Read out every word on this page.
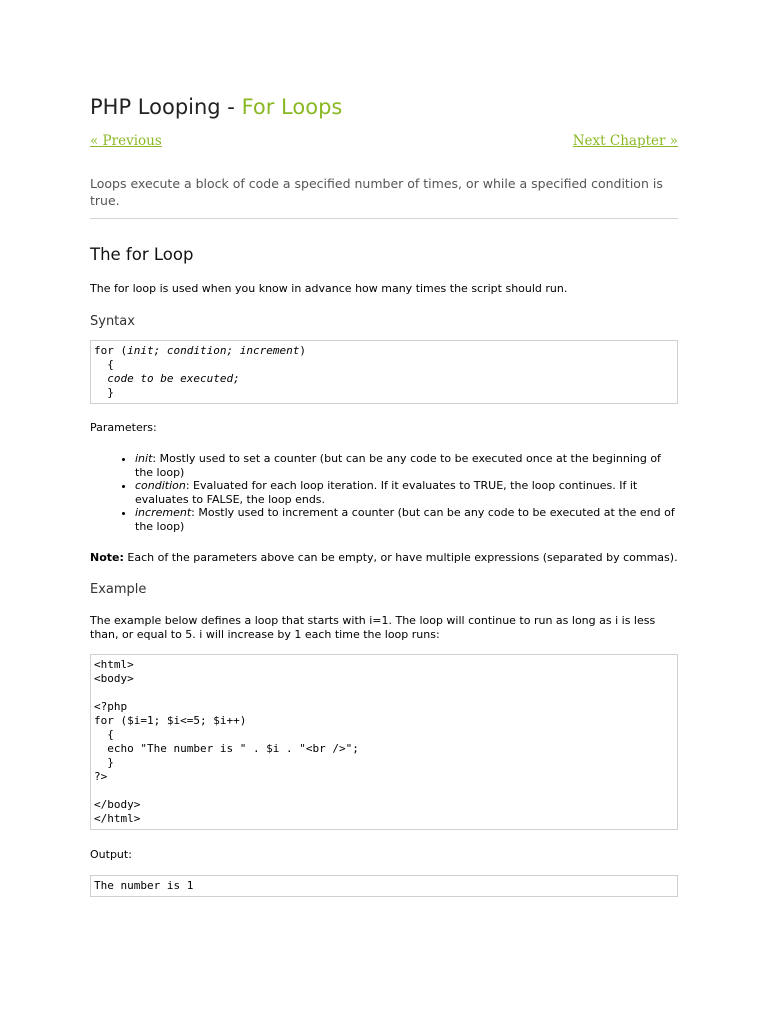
PHP Looping - For Loops
« Previous	Next Chapter »

Loops execute a block of code a specified number of times, or while a specified condition is true.

The for Loop

The for loop is used when you know in advance how many times the script should run.

Syntax
for (init; condition; increment)
{
code to be executed;
}

Parameters:

• init: Mostly used to set a counter (but can be any code to be executed once at the beginning of the loop)
• condition: Evaluated for each loop iteration. If it evaluates to TRUE, the loop continues. If it evaluates to FALSE, the loop ends.
• increment: Mostly used to increment a counter (but can be any code to be executed at the end of the loop)

Note: Each of the parameters above can be empty, or have multiple expressions (separated by commas).

Example

The example below defines a loop that starts with i=1. The loop will continue to run as long as i is less than, or equal to 5. i will increase by 1 each time the loop runs:

<html>
<body>

<?php
for ($i=1; $i<=5; $i++)
{
echo "The number is " . $i . "<br />";
}
?>

</body>
</html>

Output:

The number is 1
